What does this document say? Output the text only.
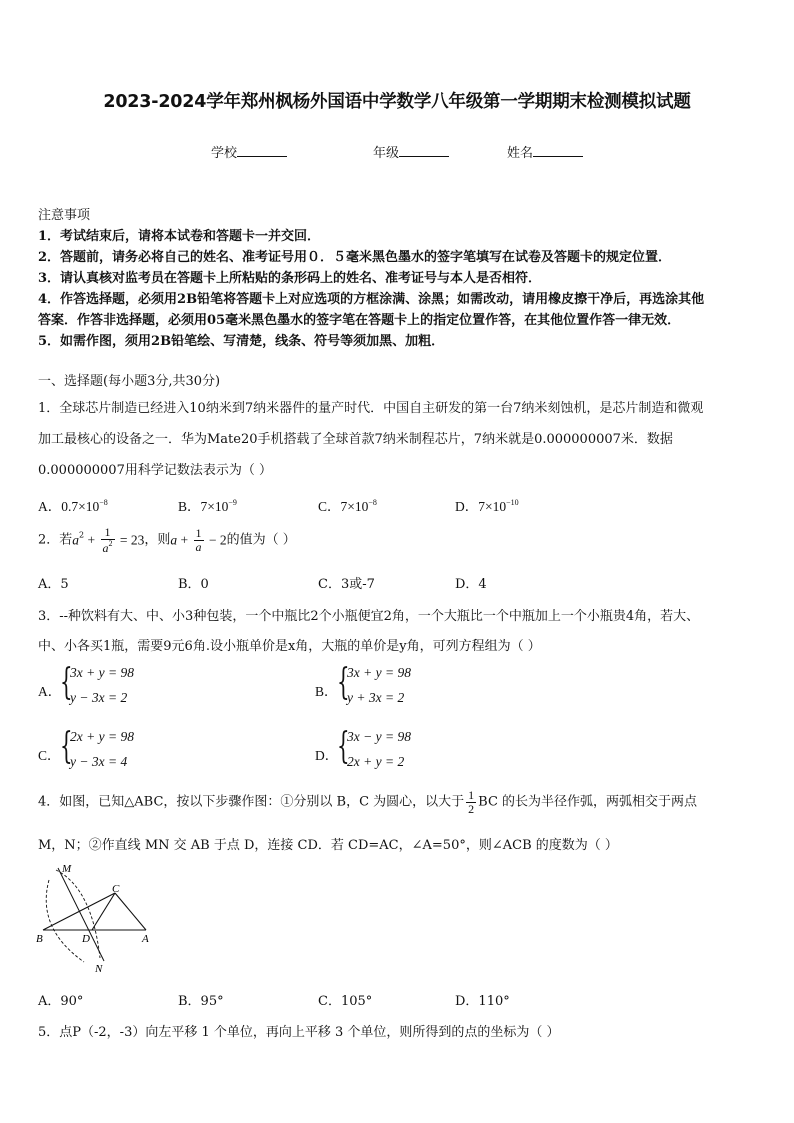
2023-2024学年郑州枫杨外国语中学数学八年级第一学期期末检测模拟试题
学校	年级	姓名
注意事项
1．考试结束后，请将本试卷和答题卡一并交回．
2．答题前，请务必将自己的姓名、准考证号用０．５毫米黑色墨水的签字笔填写在试卷及答题卡的规定位置．
3．请认真核对监考员在答题卡上所粘贴的条形码上的姓名、准考证号与本人是否相符．
4．作答选择题，必须用2B铅笔将答题卡上对应选项的方框涂满、涂黑；如需改动，请用橡皮擦干净后，再选涂其他
答案．作答非选择题，必须用05毫米黑色墨水的签字笔在答题卡上的指定位置作答，在其他位置作答一律无效．
5．如需作图，须用2B铅笔绘、写清楚，线条、符号等须加黑、加粗．
一、选择题(每小题3分,共30分)
1．全球芯片制造已经进入10纳米到7纳米器件的量产时代．中国自主研发的第一台7纳米刻蚀机，是芯片制造和微观
加工最核心的设备之一．华为Mate20手机搭载了全球首款7纳米制程芯片，7纳米就是0.000000007米．数据
0.000000007用科学记数法表示为（ ）
A．$0.7\times 10^{-8}$	B．$7\times 10^{-9}$	C．$7\times 10^{-8}$	D．$7\times 10^{-10}$
2．若$a^2 + \frac{1}{a^2} = 23$，则$a + \frac{1}{a} - 2$的值为（ ）
A．5	B．0	C．3或-7	D．4
3．--种饮料有大、中、小3种包装，一个中瓶比2个小瓶便宜2角，一个大瓶比一个中瓶加上一个小瓶贵4角，若大、
中、小各买1瓶，需要9元6角.设小瓶单价是x角，大瓶的单价是y角，可列方程组为（ ）
A．
{
3x + y = 98
y − 3x = 2	B． {
3x + y = 98
y + 3x = 2
C． {
2x + y = 98
y − 3x = 4	D．
{
3x − y = 98
2x + y = 2
4．如图，已知△ABC，按以下步骤作图：①分别以 B，C 为圆心，以大于 $\frac{1}{2}$ BC 的长为半径作弧，两弧相交于两点
M，N；②作直线 MN 交 AB 于点 D，连接 CD．若 CD=AC，∠A=50°，则∠ACB 的度数为（ ）
M
C
B	D	A
N
A．90°	B．95°	C．105°	D．110°
5．点P（-2，-3）向左平移 1 个单位，再向上平移 3 个单位，则所得到的点的坐标为（ ）
